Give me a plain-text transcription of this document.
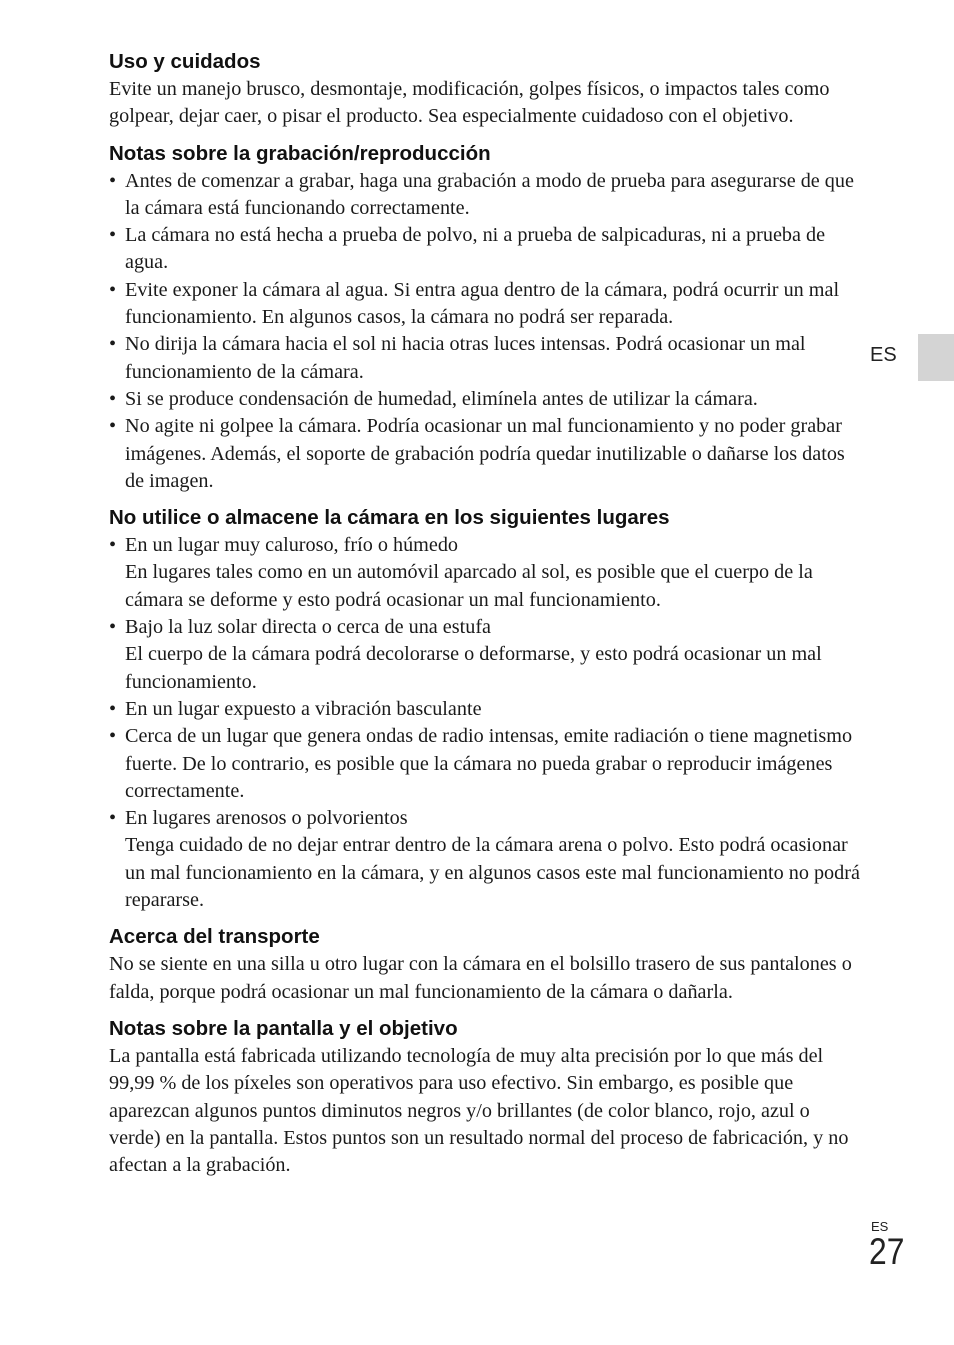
Uso y cuidados

Evite un manejo brusco, desmontaje, modificación, golpes físicos, o impactos tales como golpear, dejar caer, o pisar el producto. Sea especialmente cuidadoso con el objetivo.

Notas sobre la grabación/reproducción
• Antes de comenzar a grabar, haga una grabación a modo de prueba para asegurarse de que la cámara está funcionando correctamente.
• La cámara no está hecha a prueba de polvo, ni a prueba de salpicaduras, ni a prueba de agua.
• Evite exponer la cámara al agua. Si entra agua dentro de la cámara, podrá ocurrir un mal funcionamiento. En algunos casos, la cámara no podrá ser reparada.
• No dirija la cámara hacia el sol ni hacia otras luces intensas. Podrá ocasionar un mal funcionamiento de la cámara.
• Si se produce condensación de humedad, elimínela antes de utilizar la cámara.
• No agite ni golpee la cámara. Podría ocasionar un mal funcionamiento y no poder grabar imágenes. Además, el soporte de grabación podría quedar inutilizable o dañarse los datos de imagen.
No utilice o almacene la cámara en los siguientes lugares
• En un lugar muy caluroso, frío o húmedo
En lugares tales como en un automóvil aparcado al sol, es posible que el cuerpo de la cámara se deforme y esto podrá ocasionar un mal funcionamiento.
• Bajo la luz solar directa o cerca de una estufa
El cuerpo de la cámara podrá decolorarse o deformarse, y esto podrá ocasionar un mal funcionamiento.
• En un lugar expuesto a vibración basculante
• Cerca de un lugar que genera ondas de radio intensas, emite radiación o tiene magnetismo fuerte. De lo contrario, es posible que la cámara no pueda grabar o reproducir imágenes correctamente.
• En lugares arenosos o polvorientos
Tenga cuidado de no dejar entrar dentro de la cámara arena o polvo. Esto podrá ocasionar un mal funcionamiento en la cámara, y en algunos casos este mal funcionamiento no podrá repararse.
Acerca del transporte

No se siente en una silla u otro lugar con la cámara en el bolsillo trasero de sus pantalones o falda, porque podrá ocasionar un mal funcionamiento de la cámara o dañarla.

Notas sobre la pantalla y el objetivo

La pantalla está fabricada utilizando tecnología de muy alta precisión por lo que más del 99,99 % de los píxeles son operativos para uso efectivo. Sin embargo, es posible que aparezcan algunos puntos diminutos negros y/o brillantes (de color blanco, rojo, azul o verde) en la pantalla. Estos puntos son un resultado normal del proceso de fabricación, y no afectan a la grabación.

ES
ES
27
